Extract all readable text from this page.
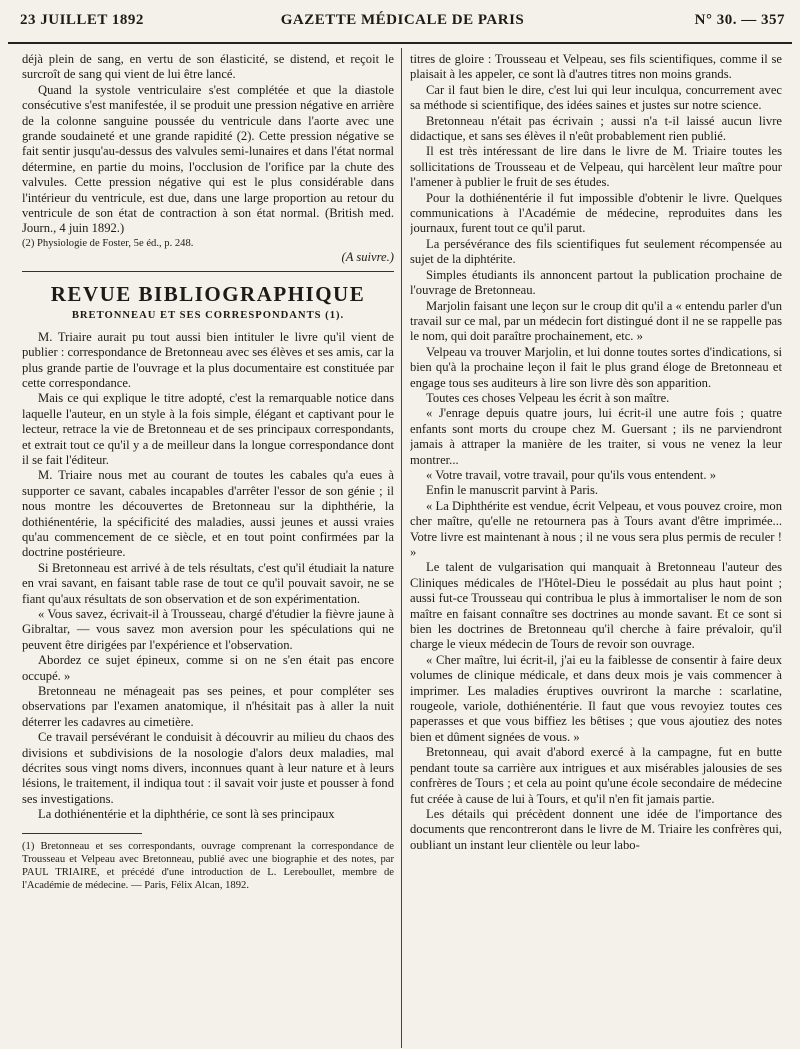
23 JUILLET 1892	GAZETTE MÉDICALE DE PARIS	N° 30. — 357

déjà plein de sang, en vertu de son élasticité, se distend, et reçoit le surcroît de sang qui vient de lui être lancé.

Quand la systole ventriculaire s'est complétée et que la diastole consécutive s'est manifestée, il se produit une pression négative en arrière de la colonne sanguine poussée du ventricule dans l'aorte avec une grande soudaineté et une grande rapidité (2). Cette pression négative se fait sentir jusqu'au-dessus des valvules semi-lunaires et dans l'état normal détermine, en partie du moins, l'occlusion de l'orifice par la chute des valvules. Cette pression négative qui est le plus considérable dans l'intérieur du ventricule, est due, dans une large proportion au retour du ventricule de son état de contraction à son état normal. (British med. Journ., 4 juin 1892.)

(2) Physiologie de Foster, 5e éd., p. 248.

(A suivre.)

REVUE BIBLIOGRAPHIQUE
BRETONNEAU ET SES CORRESPONDANTS (1).

M. Triaire aurait pu tout aussi bien intituler le livre qu'il vient de publier : correspondance de Bretonneau avec ses élèves et ses amis, car la plus grande partie de l'ouvrage et la plus documentaire est constituée par cette correspondance.

Mais ce qui explique le titre adopté, c'est la remarquable notice dans laquelle l'auteur, en un style à la fois simple, élégant et captivant pour le lecteur, retrace la vie de Bretonneau et de ses principaux correspondants, et extrait tout ce qu'il y a de meilleur dans la longue correspondance dont il se fait l'éditeur.

M. Triaire nous met au courant de toutes les cabales qu'a eues à supporter ce savant, cabales incapables d'arrêter l'essor de son génie ; il nous montre les découvertes de Bretonneau sur la diphthérie, la dothiénentérie, la spécificité des maladies, aussi jeunes et aussi vraies qu'au commencement de ce siècle, et en tout point confirmées par la doctrine postérieure.

Si Bretonneau est arrivé à de tels résultats, c'est qu'il étudiait la nature en vrai savant, en faisant table rase de tout ce qu'il pouvait savoir, ne se fiant qu'aux résultats de son observation et de son expérimentation.

« Vous savez, écrivait-il à Trousseau, chargé d'étudier la fièvre jaune à Gibraltar, — vous savez mon aversion pour les spéculations qui ne peuvent être dirigées par l'expérience et l'observation.

Abordez ce sujet épineux, comme si on ne s'en était pas encore occupé. »

Bretonneau ne ménageait pas ses peines, et pour compléter ses observations par l'examen anatomique, il n'hésitait pas à aller la nuit déterrer les cadavres au cimetière.

Ce travail persévérant le conduisit à découvrir au milieu du chaos des divisions et subdivisions de la nosologie d'alors deux maladies, mal décrites sous vingt noms divers, inconnues quant à leur nature et à leurs lésions, le traitement, il indiqua tout : il savait voir juste et pousser à fond ses investigations.

La dothiénentérie et la diphthérie, ce sont là ses principaux

(1) Bretonneau et ses correspondants, ouvrage comprenant la correspondance de Trousseau et Velpeau avec Bretonneau, publié avec une biographie et des notes, par PAUL TRIAIRE, et précédé d'une introduction de L. Lereboullet, membre de l'Académie de médecine. — Paris, Félix Alcan, 1892.

titres de gloire : Trousseau et Velpeau, ses fils scientifiques, comme il se plaisait à les appeler, ce sont là d'autres titres non moins grands.

Car il faut bien le dire, c'est lui qui leur inculqua, concurrement avec sa méthode si scientifique, des idées saines et justes sur notre science.

Bretonneau n'était pas écrivain ; aussi n'a t-il laissé aucun livre didactique, et sans ses élèves il n'eût probablement rien publié.

Il est très intéressant de lire dans le livre de M. Triaire toutes les sollicitations de Trousseau et de Velpeau, qui harcèlent leur maître pour l'amener à publier le fruit de ses études.

Pour la dothiénentérie il fut impossible d'obtenir le livre. Quelques communications à l'Académie de médecine, reproduites dans les journaux, furent tout ce qu'il parut.

La persévérance des fils scientifiques fut seulement récompensée au sujet de la diphtérite.

Simples étudiants ils annoncent partout la publication prochaine de l'ouvrage de Bretonneau.

Marjolin faisant une leçon sur le croup dit qu'il a « entendu parler d'un travail sur ce mal, par un médecin fort distingué dont il ne se rappelle pas le nom, qui doit paraître prochainement, etc. »

Velpeau va trouver Marjolin, et lui donne toutes sortes d'indications, si bien qu'à la prochaine leçon il fait le plus grand éloge de Bretonneau et engage tous ses auditeurs à lire son livre dès son apparition.

Toutes ces choses Velpeau les écrit à son maître.

« J'enrage depuis quatre jours, lui écrit-il une autre fois ; quatre enfants sont morts du croupe chez M. Guersant ; ils ne parviendront jamais à attraper la manière de les traiter, si vous ne venez la leur montrer...

« Votre travail, votre travail, pour qu'ils vous entendent. »

Enfin le manuscrit parvint à Paris.

« La Diphthérite est vendue, écrit Velpeau, et vous pouvez croire, mon cher maître, qu'elle ne retournera pas à Tours avant d'être imprimée... Votre livre est maintenant à nous ; il ne vous sera plus permis de reculer ! »

Le talent de vulgarisation qui manquait à Bretonneau l'auteur des Cliniques médicales de l'Hôtel-Dieu le possédait au plus haut point ; aussi fut-ce Trousseau qui contribua le plus à immortaliser le nom de son maître en faisant connaître ses doctrines au monde savant. Et ce sont si bien les doctrines de Bretonneau qu'il cherche à faire prévaloir, qu'il charge le vieux médecin de Tours de revoir son ouvrage.

« Cher maître, lui écrit-il, j'ai eu la faiblesse de consentir à faire deux volumes de clinique médicale, et dans deux mois je vais commencer à imprimer. Les maladies éruptives ouvriront la marche : scarlatine, rougeole, variole, dothiénentérie. Il faut que vous revoyiez toutes ces paperasses et que vous biffiez les bêtises ; que vous ajoutiez des notes bien et dûment signées de vous. »

Bretonneau, qui avait d'abord exercé à la campagne, fut en butte pendant toute sa carrière aux intrigues et aux misérables jalousies de ses confrères de Tours ; et cela au point qu'une école secondaire de médecine fut créée à cause de lui à Tours, et qu'il n'en fit jamais partie.

Les détails qui précèdent donnent une idée de l'importance des documents que rencontreront dans le livre de M. Triaire les confrères qui, oubliant un instant leur clientèle ou leur labo-
